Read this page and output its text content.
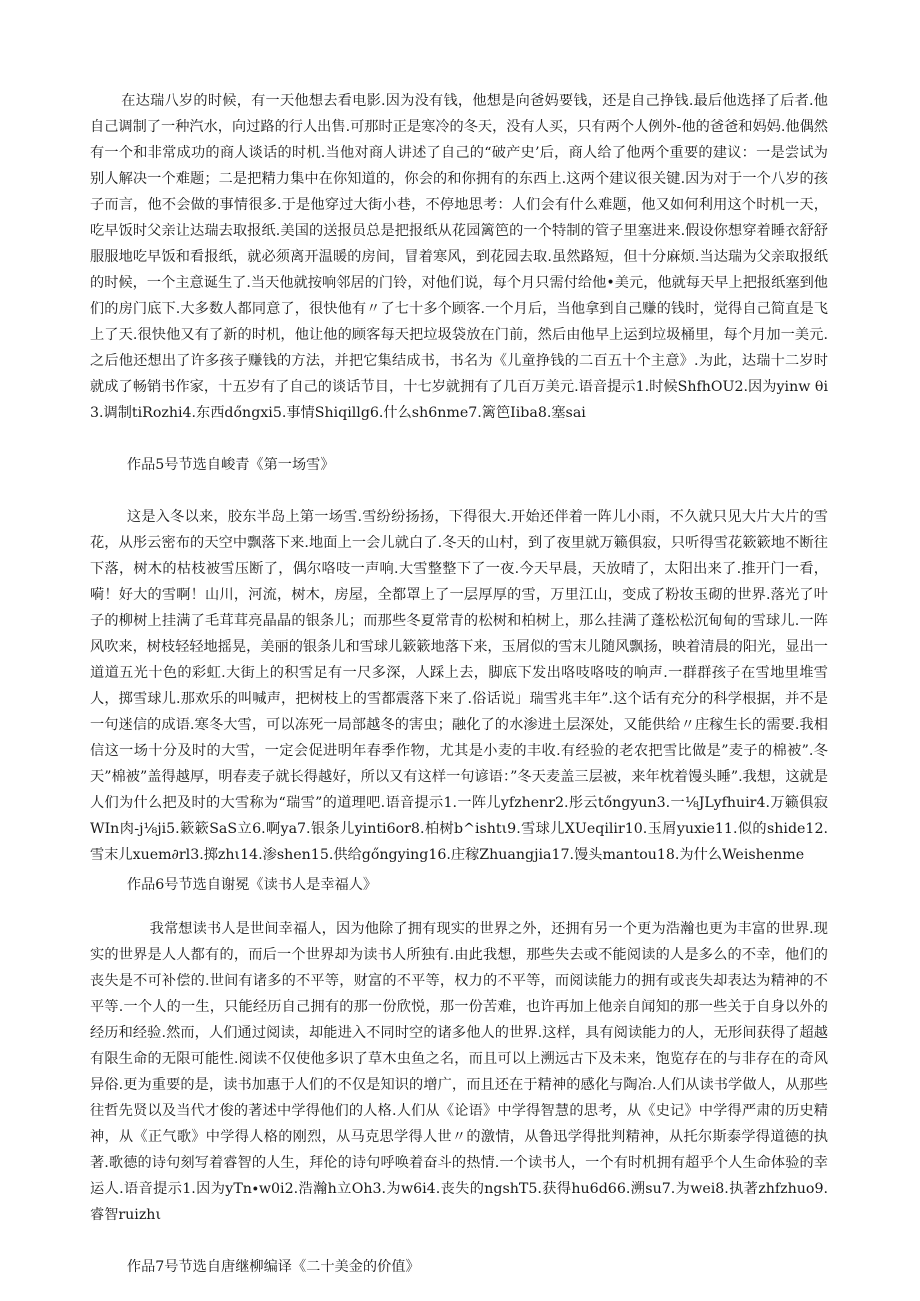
在达瑞八岁的时候，有一天他想去看电影.因为没有钱，他想是向爸妈要钱，还是自己挣钱.最后他选择了后者.他自己调制了一种汽水，向过路的行人出售.可那时正是寒冷的冬天，没有人买，只有两个人例外-他的爸爸和妈妈.他偶然有一个和非常成功的商人谈话的时机.当他对商人讲述了自己的“破产史’后，商人给了他两个重要的建议：一是尝试为别人解决一个难题；二是把精力集中在你知道的，你会的和你拥有的东西上.这两个建议很关键.因为对于一个八岁的孩子而言，他不会做的事情很多.于是他穿过大街小巷，不停地思考：人们会有什么难题，他又如何利用这个时机一天，吃早饭时父亲让达瑞去取报纸.美国的送报员总是把报纸从花园篱笆的一个特制的管子里塞进来.假设你想穿着睡衣舒舒服服地吃早饭和看报纸，就必须离开温暖的房间，冒着寒风，到花园去取.虽然路短，但十分麻烦.当达瑞为父亲取报纸的时候，一个主意诞生了.当天他就按响邻居的门铃，对他们说，每个月只需付给他•美元，他就每天早上把报纸塞到他们的房门底下.大多数人都同意了，很快他有〃了七十多个顾客.一个月后，当他拿到自己赚的钱时，觉得自己简直是飞上了天.很快他又有了新的时机，他让他的顾客每天把垃圾袋放在门前，然后由他早上运到垃圾桶里，每个月加一美元.之后他还想出了许多孩子赚钱的方法，并把它集结成书，书名为《儿童挣钱的二百五十个主意》.为此，达瑞十二岁时就成了畅销书作家，十五岁有了自己的谈话节目，十七岁就拥有了几百万美元.语音提示1.时候ShfhOU2.因为yinw θi3.调制tiRozhi4.东西dőngxi5.事情Shiqillg6.什么sh6nme7.篱笆Iiba8.塞sai

作品5号节选自峻青《第一场雪》

这是入冬以来，胶东半岛上第一场雪.雪纷纷扬扬，下得很大.开始还伴着一阵儿小雨，不久就只见大片大片的雪花，从彤云密布的天空中飘落下来.地面上一会儿就白了.冬天的山村，到了夜里就万籁俱寂，只听得雪花簌簌地不断往下落，树木的枯枝被雪压断了，偶尔咯吱一声响.大雪整整下了一夜.今天早晨，天放晴了，太阳出来了.推开门一看，嗬！好大的雪啊！山川，河流，树木，房屋，全都罩上了一层厚厚的雪，万里江山，变成了粉妆玉砌的世界.落光了叶子的柳树上挂满了毛茸茸亮晶晶的银条儿；而那些冬夏常青的松树和柏树上，那么挂满了蓬松松沉甸甸的雪球儿.一阵风吹来，树枝轻轻地摇晃，美丽的银条儿和雪球儿簌簌地落下来，玉屑似的雪末儿随风飘扬，映着清晨的阳光，显出一道道五光十色的彩虹.大街上的积雪足有一尺多深，人踩上去，脚底下发出咯吱咯吱的响声.一群群孩子在雪地里堆雪人，掷雪球儿.那欢乐的叫喊声，把树枝上的雪都震落下来了.俗话说」瑞雪兆丰年”.这个话有充分的科学根据，并不是一句迷信的成语.寒冬大雪，可以冻死一局部越冬的害虫；融化了的水渗进土层深处，又能供给〃庄稼生长的需要.我相信这一场十分及时的大雪，一定会促进明年春季作物，尤其是小麦的丰收.有经验的老农把雪比做是”麦子的棉被”.冬天”棉被”盖得越厚，明春麦子就长得越好，所以又有这样一句谚语：”冬天麦盖三层被，来年枕着馒头睡”.我想，这就是人们为什么把及时的大雪称为“瑞雪”的道理吧.语音提示1.一阵儿yfzhenr2.彤云tőngyun3.一⅛JLyfhuir4.万籁俱寂WIn肉-j⅛ji5.簌簌SaS立6.啊ya7.银条儿yinti6or8.柏树b^ishtι9.雪球儿XUeqilir10.玉屑yuxie11.似的shide12.雪末儿xuem∂rl3.掷zhι14.渗shen15.供给gőngying16.庄稼Zhuangjia17.馒头mantou18.为什么Weishenme

作品6号节选自谢冕《读书人是幸福人》

我常想读书人是世间幸福人，因为他除了拥有现实的世界之外，还拥有另一个更为浩瀚也更为丰富的世界.现实的世界是人人都有的，而后一个世界却为读书人所独有.由此我想，那些失去或不能阅读的人是多么的不幸，他们的丧失是不可补偿的.世间有诸多的不平等，财富的不平等，权力的不平等，而阅读能力的拥有或丧失却表达为精神的不平等.一个人的一生，只能经历自己拥有的那一份欣悦，那一份苦难，也许再加上他亲自闻知的那一些关于自身以外的经历和经验.然而，人们通过阅读，却能进入不同时空的诸多他人的世界.这样，具有阅读能力的人，无形间获得了超越有限生命的无限可能性.阅读不仅使他多识了草木虫鱼之名，而且可以上溯远古下及未来，饱览存在的与非存在的奇风异俗.更为重要的是，读书加惠于人们的不仅是知识的增广，而且还在于精神的感化与陶冶.人们从读书学做人，从那些往哲先贤以及当代才俊的著述中学得他们的人格.人们从《论语》中学得智慧的思考，从《史记》中学得严肃的历史精神，从《正气歌》中学得人格的刚烈，从马克思学得人世〃的激情，从鲁迅学得批判精神，从托尔斯泰学得道德的执著.歌德的诗句刻写着睿智的人生，拜伦的诗句呼唤着奋斗的热情.一个读书人，一个有时机拥有超乎个人生命体验的幸运人.语音提示1.因为yTn∙w0i2.浩瀚h立Oh3.为w6i4.丧失的ngshT5.获得hu6d66.溯su7.为wei8.执著zhfzhuo9.睿智ruizhι

作品7号节选自唐继柳编译《二十美金的价值》
